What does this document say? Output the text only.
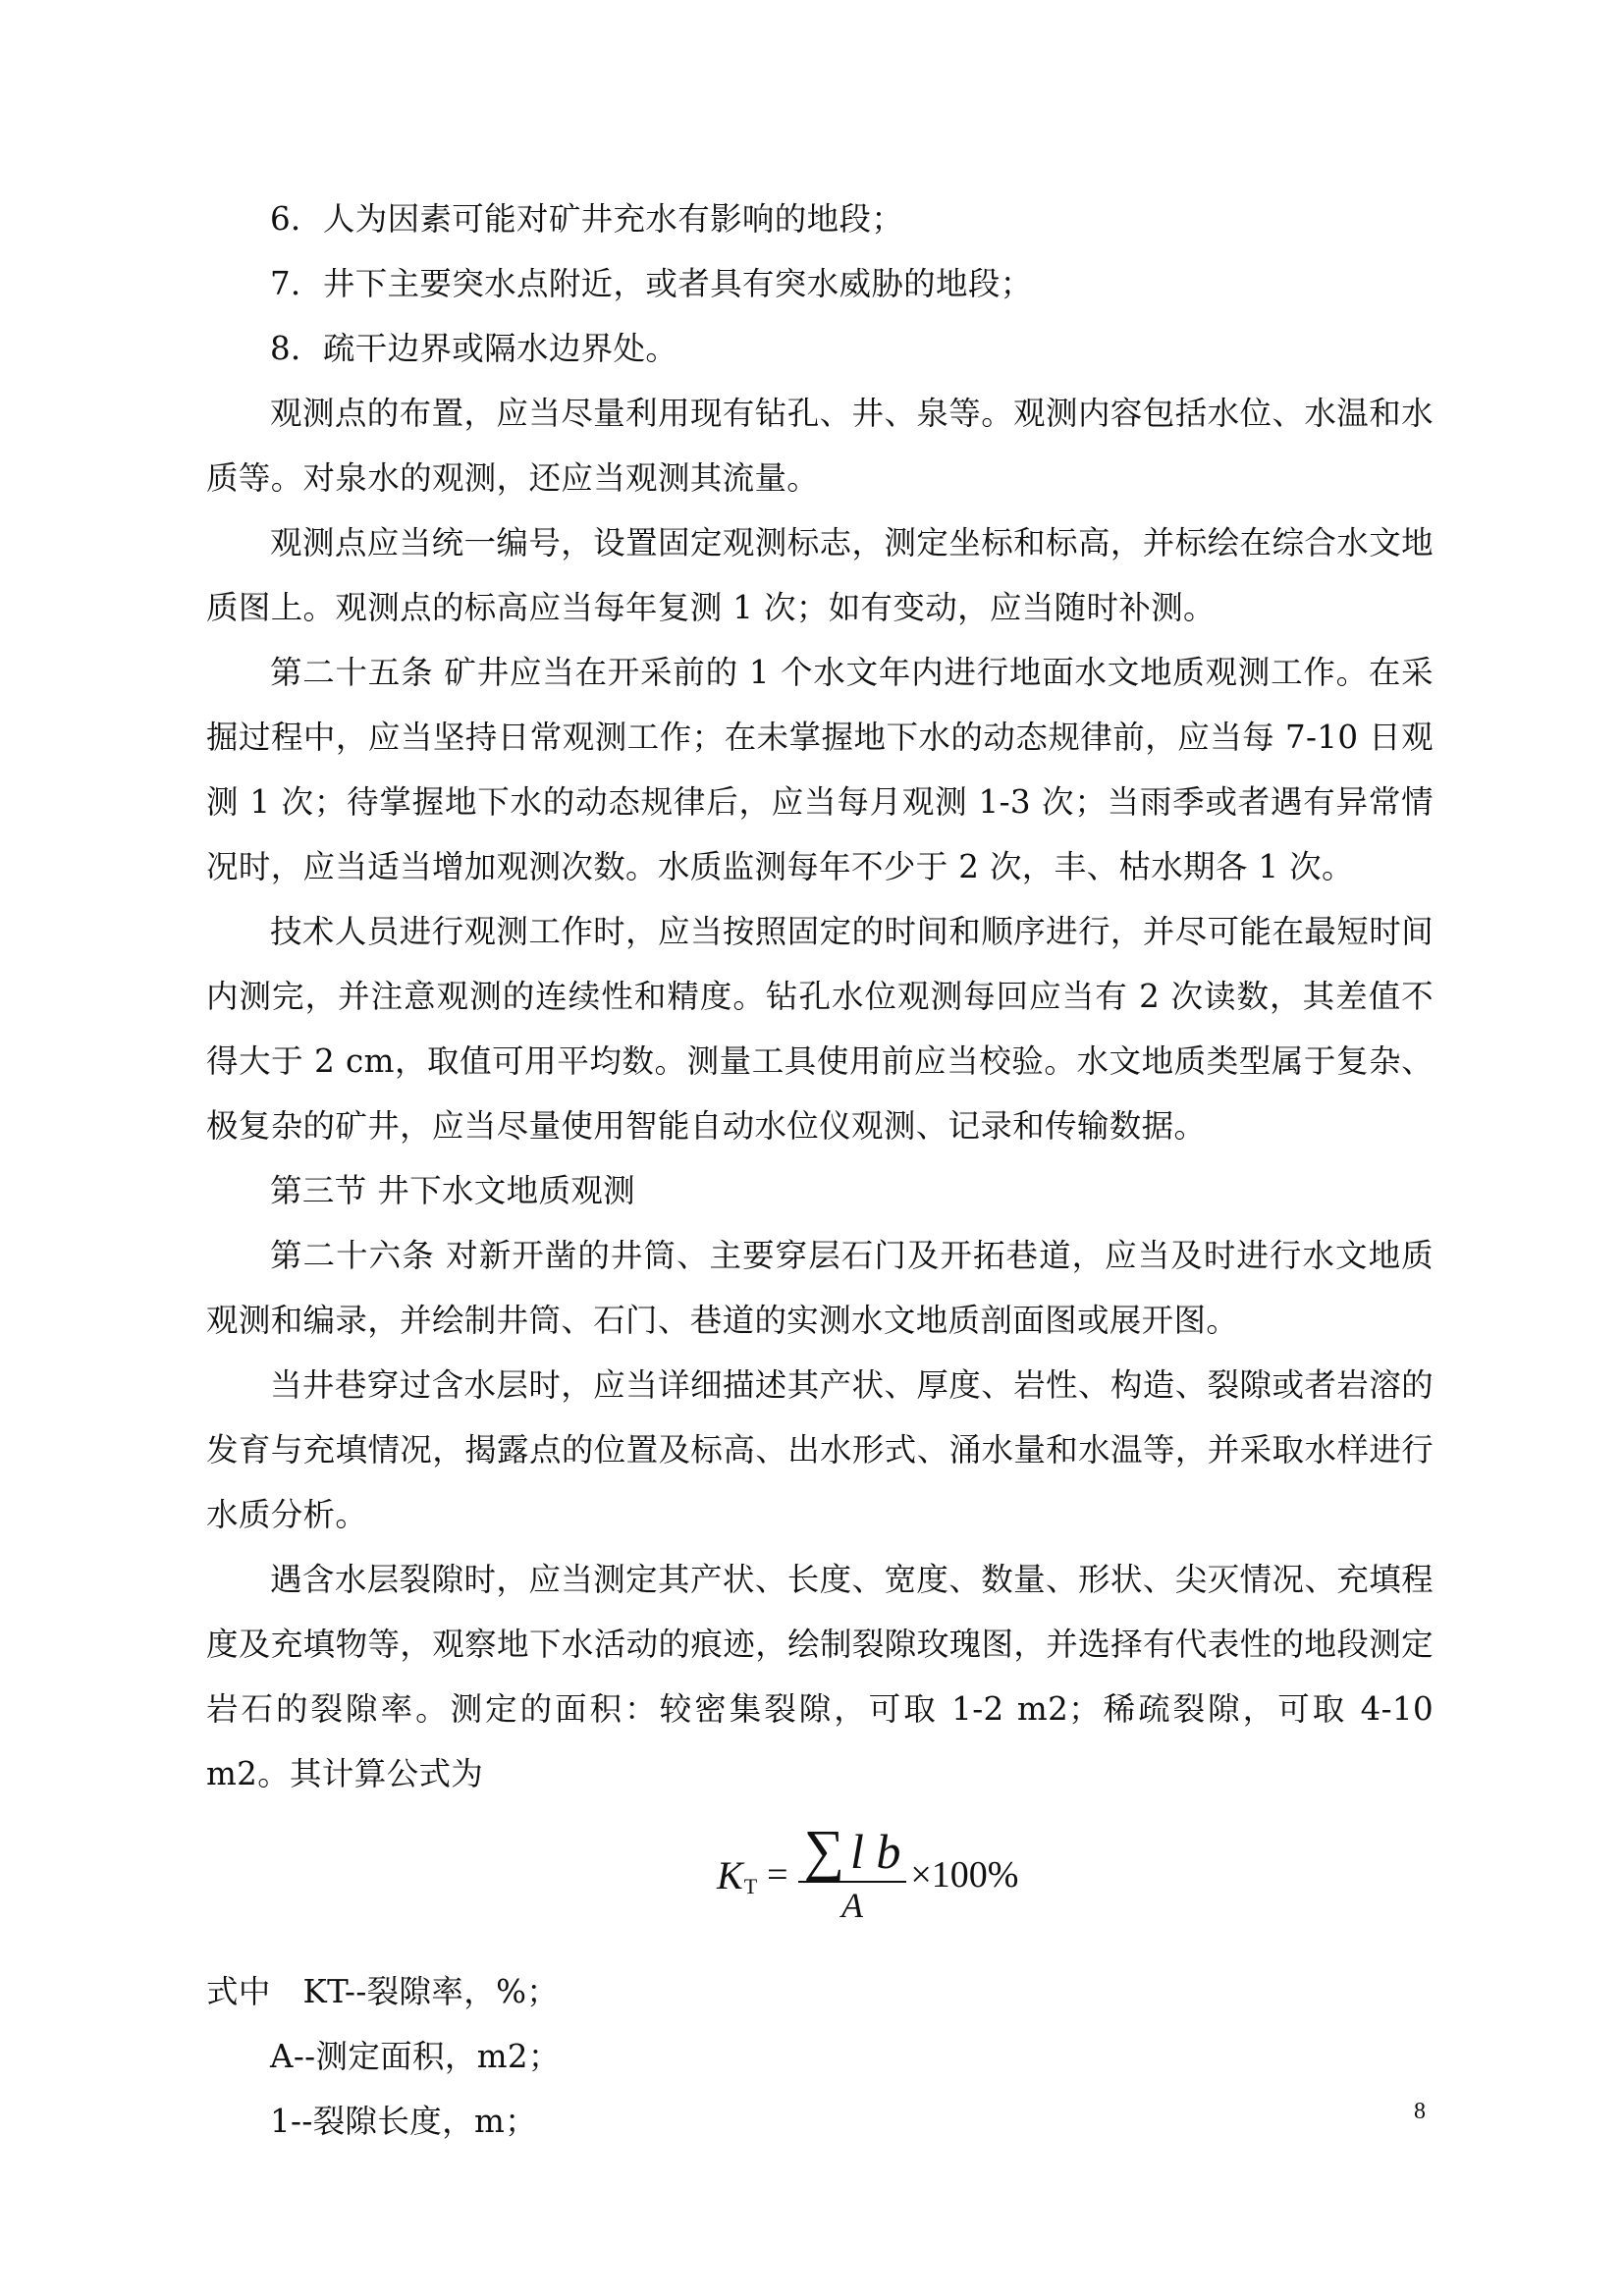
6．人为因素可能对矿井充水有影响的地段；

7．井下主要突水点附近，或者具有突水威胁的地段；

8．疏干边界或隔水边界处。

观测点的布置，应当尽量利用现有钻孔、井、泉等。观测内容包括水位、水温和水质等。对泉水的观测，还应当观测其流量。

观测点应当统一编号，设置固定观测标志，测定坐标和标高，并标绘在综合水文地质图上。观测点的标高应当每年复测 1 次；如有变动，应当随时补测。

第二十五条 矿井应当在开采前的 1 个水文年内进行地面水文地质观测工作。在采掘过程中，应当坚持日常观测工作；在未掌握地下水的动态规律前，应当每 7-10 日观测 1 次；待掌握地下水的动态规律后，应当每月观测 1-3 次；当雨季或者遇有异常情况时，应当适当增加观测次数。水质监测每年不少于 2 次，丰、枯水期各 1 次。

技术人员进行观测工作时，应当按照固定的时间和顺序进行，并尽可能在最短时间内测完，并注意观测的连续性和精度。钻孔水位观测每回应当有 2 次读数，其差值不得大于 2 cm，取值可用平均数。测量工具使用前应当校验。水文地质类型属于复杂、极复杂的矿井，应当尽量使用智能自动水位仪观测、记录和传输数据。

第三节 井下水文地质观测

第二十六条 对新开凿的井筒、主要穿层石门及开拓巷道，应当及时进行水文地质观测和编录，并绘制井筒、石门、巷道的实测水文地质剖面图或展开图。

当井巷穿过含水层时，应当详细描述其产状、厚度、岩性、构造、裂隙或者岩溶的发育与充填情况，揭露点的位置及标高、出水形式、涌水量和水温等，并采取水样进行水质分析。

遇含水层裂隙时，应当测定其产状、长度、宽度、数量、形状、尖灭情况、充填程度及充填物等，观察地下水活动的痕迹，绘制裂隙玫瑰图，并选择有代表性的地段测定岩石的裂隙率。测定的面积：较密集裂隙，可取 1-2 m2；稀疏裂隙，可取 4-10 m2。其计算公式为

K $T = \frac{\text{∑ l b}}{A} \times 100\%$

式中　KT--裂隙率，%；

A--测定面积，m2；

1--裂隙长度，m；	8
